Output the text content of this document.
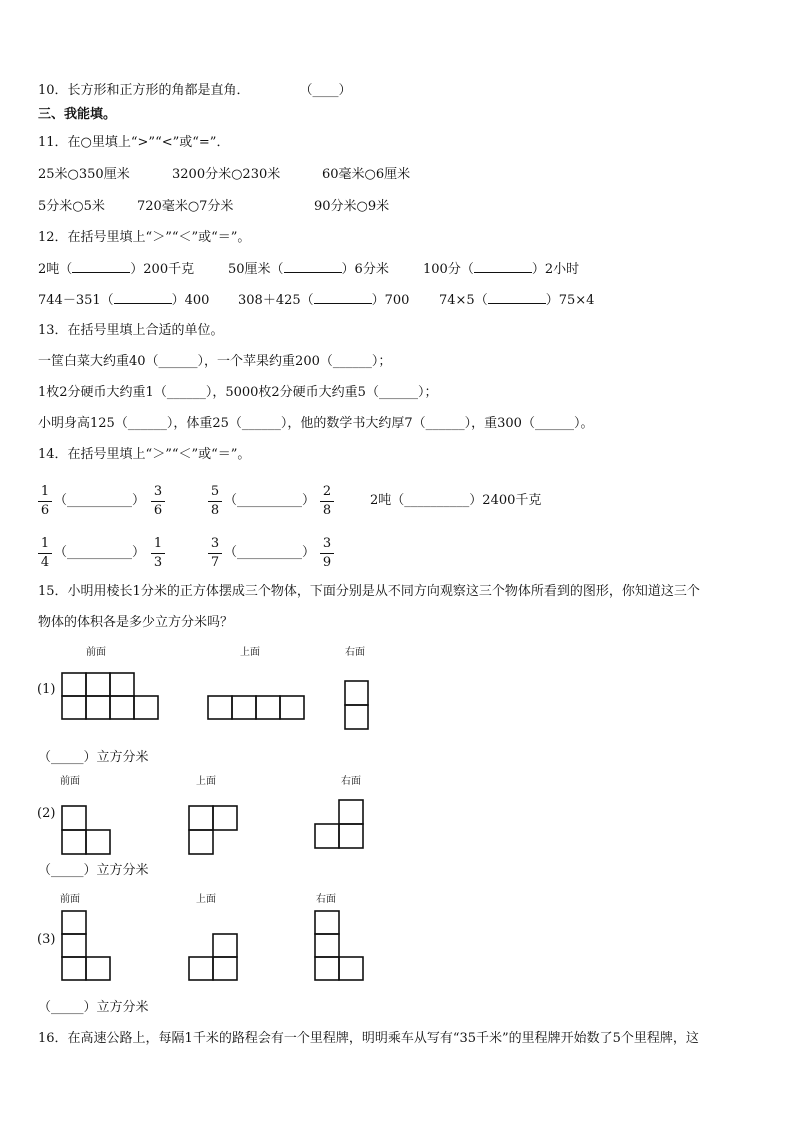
10．长方形和正方形的角都是直角．	（____）
三、我能填。
11．在○里填上“>”“<”或“=”．
25米○350厘米	3200分米○230米	60毫米○6厘米
5分米○5米 720毫米○7分米	90分米○9米
12．在括号里填上“＞”“＜”或“＝”。
2吨（	）200千克	50厘米（	）6分米	100分（	）2小时
744－351（	）400 308＋425（	）700 74×5（	）75×4
13．在括号里填上合适的单位。
一筐白菜大约重40（______），一个苹果约重200（______）；
1枚2分硬币大约重1（______），5000枚2分硬币大约重5（______）；
小明身高125（______），体重25（______），他的数学书大约厚7（______），重300（______）。
14．在括号里填上“＞”“＜”或“＝”。
$\frac{1}{6}$ （__________） $\frac{3}{6}$	$\frac{5}{8}$ （__________） $\frac{2}{8}$	2吨（__________）2400千克
$\frac{1}{4}$ （__________） $\frac{1}{3}$	$\frac{3}{7}$ （__________） $\frac{3}{9}$
15．小明用棱长1分米的正方体摆成三个物体，下面分别是从不同方向观察这三个物体所看到的图形，你知道这三个
物体的体积各是多少立方分米吗？
前面	上面	右面
(1)
（_____）立方分米
前面	上面	右面
(2)
（_____）立方分米
前面	上面	右面
(3)
（_____）立方分米
16．在高速公路上，每隔1千米的路程会有一个里程牌，明明乘车从写有“35千米”的里程牌开始数了5个里程牌，这
